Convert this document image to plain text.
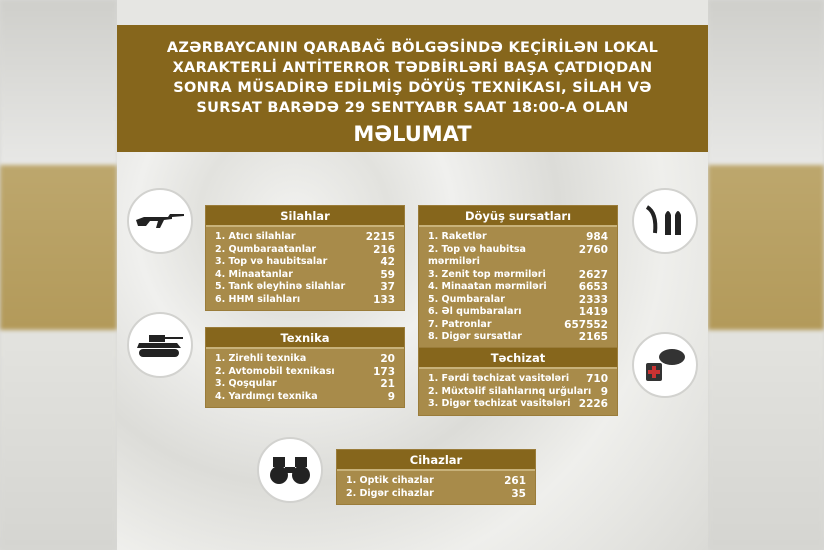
AZƏRBAYCANIN QARABAĞ BÖLGƏSİNDƏ KEÇİRİLƏN LOKAL
XARAKTERLİ ANTİTERROR TƏDBİRLƏRİ BAŞA ÇATDIQDAN
SONRA MÜSADİRƏ EDİLMİŞ DÖYÜŞ TEXNİKASI, SİLAH VƏ
SURSAT BARƏDƏ 29 SENTYABR SAAT 18:00-A OLAN
MƏLUMAT
Silahlar
1. Atıcı silahlar	2215
2. Qumbaraatanlar	216
3. Top və haubitsalar	42
4. Minaatanlar	59
5. Tank əleyhinə silahlar	37
6. HHM silahları	133
Döyüş sursatları
1. Raketlər	984
2. Top və haubitsa mərmiləri
2760
3. Zenit top mərmiləri	2627
4. Minaatan mərmiləri	6653
5. Qumbaralar	2333
6. Əl qumbaraları	1419
7. Patronlar	657552
8. Digər sursatlar	2165
Texnika
1. Zirehli texnika	20
2. Avtomobil texnikası	173
3. Qoşqular	21
4. Yardımçı texnika	9
Təchizat
1. Fərdi təchizat vasitələri 710
2. Müxtəlif silahlarınq urğuları 9
3. Digər təchizat vasitələri 2226
Cihazlar
1. Optik cihazlar	261
2. Digər cihazlar	35
